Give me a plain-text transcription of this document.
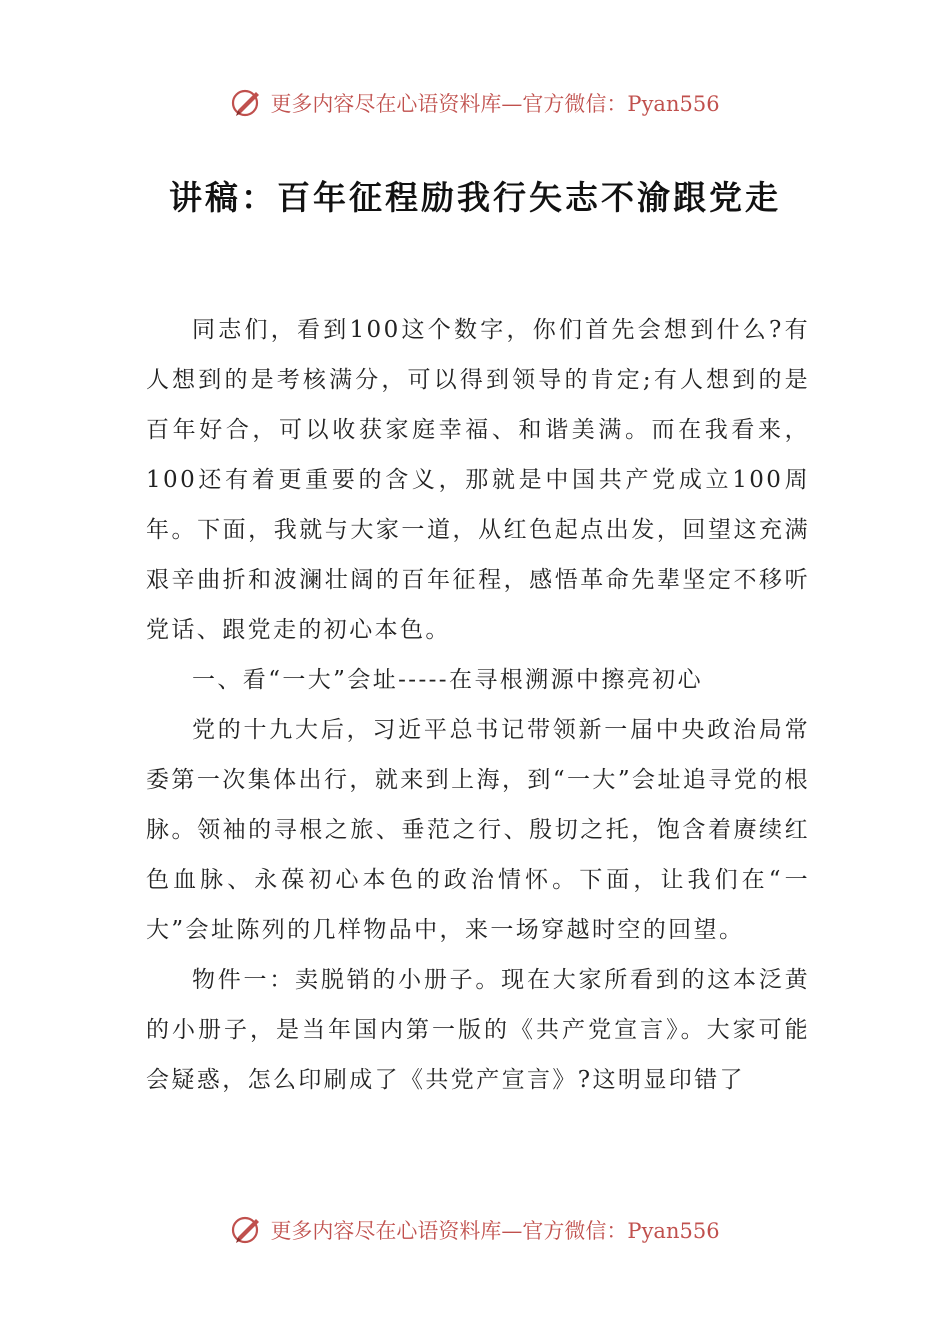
更多内容尽在心语资料库—官方微信：Pyan556
讲稿：百年征程励我行矢志不渝跟党走

同志们，看到100这个数字，你们首先会想到什么?有人想到的是考核满分，可以得到领导的肯定;有人想到的是百年好合，可以收获家庭幸福、和谐美满。而在我看来，100还有着更重要的含义，那就是中国共产党成立100周年。下面，我就与大家一道，从红色起点出发，回望这充满艰辛曲折和波澜壮阔的百年征程，感悟革命先辈坚定不移听党话、跟党走的初心本色。

一、看“一大”会址-----在寻根溯源中擦亮初心

党的十九大后，习近平总书记带领新一届中央政治局常委第一次集体出行，就来到上海，到“一大”会址追寻党的根脉。领袖的寻根之旅、垂范之行、殷切之托，饱含着赓续红色血脉、永葆初心本色的政治情怀。下面，让我们在“一大”会址陈列的几样物品中，来一场穿越时空的回望。

物件一：卖脱销的小册子。现在大家所看到的这本泛黄的小册子，是当年国内第一版的《共产党宣言》。大家可能会疑惑，怎么印刷成了《共党产宣言》?这明显印错了

更多内容尽在心语资料库—官方微信：Pyan556
